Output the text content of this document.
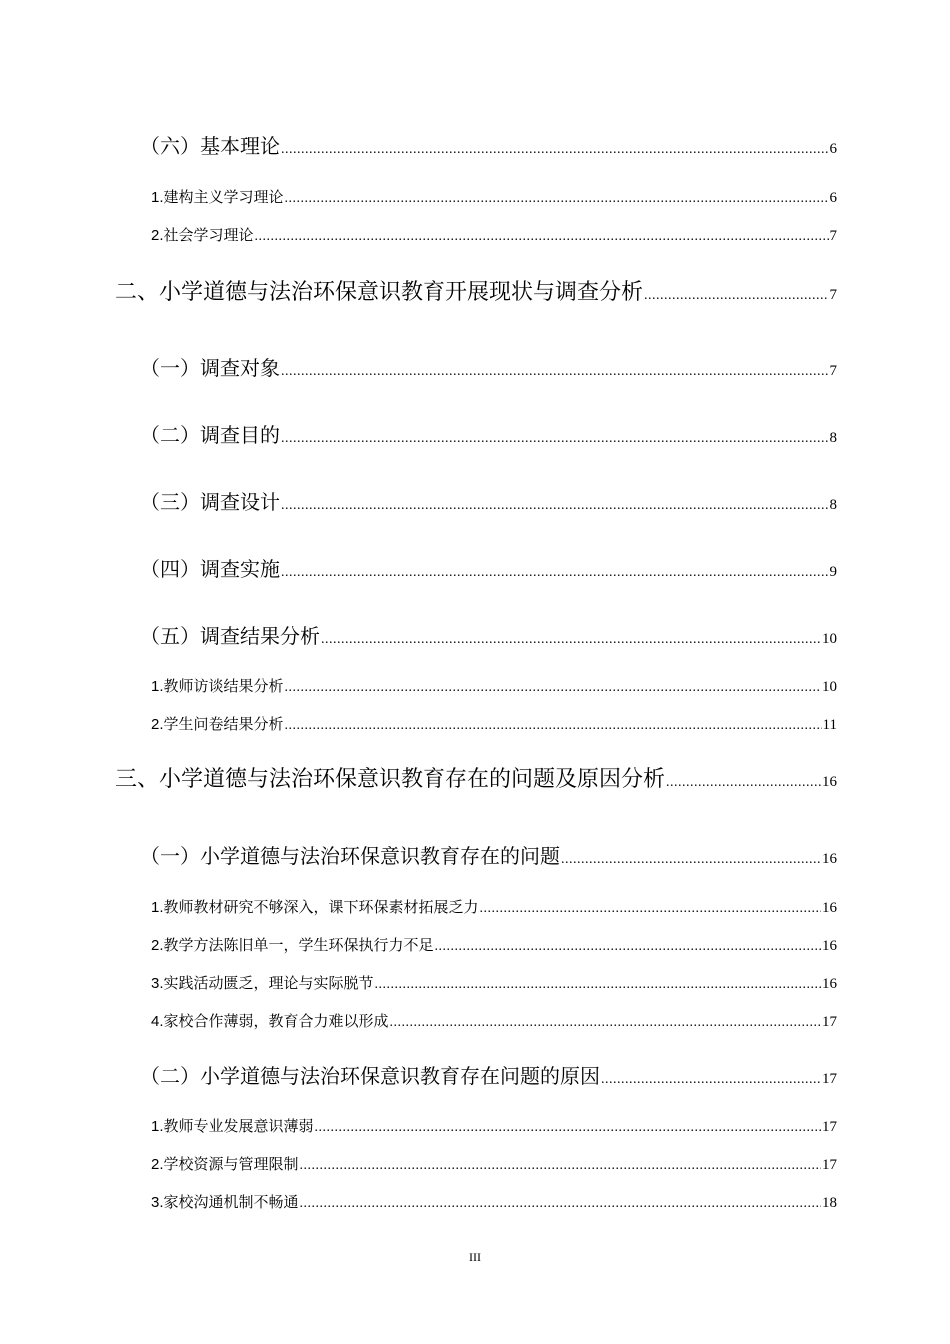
（六） 基本理论 .....	6
1. 建构主义学习理论 .....	6
2. 社会学习理论 .....	7
二、 小学道德与法治环保意识教育开展现状与调查分析 .....	7
（一） 调查对象 .....	7
（二） 调查目的 .....	8
（三） 调查设计 .....	8
（四） 调查实施 .....	9
（五） 调查结果分析 .....	10
1. 教师访谈结果分析 .....	10
2. 学生问卷结果分析 .....	11
三、 小学道德与法治环保意识教育存在的问题及原因分析 .....	16
（一） 小学道德与法治环保意识教育存在的问题 .....	16
1. 教师教材研究不够深入，课下环保素材拓展乏力 .....	16
2. 教学方法陈旧单一，学生环保执行力不足 .....	16
3. 实践活动匮乏，理论与实际脱节 .....	16
4. 家校合作薄弱，教育合力难以形成 .....	17
（二） 小学道德与法治环保意识教育存在问题的原因 .....	17
1. 教师专业发展意识薄弱 .....	17
2. 学校资源与管理限制 .....	17
3. 家校沟通机制不畅通 .....	18
III
